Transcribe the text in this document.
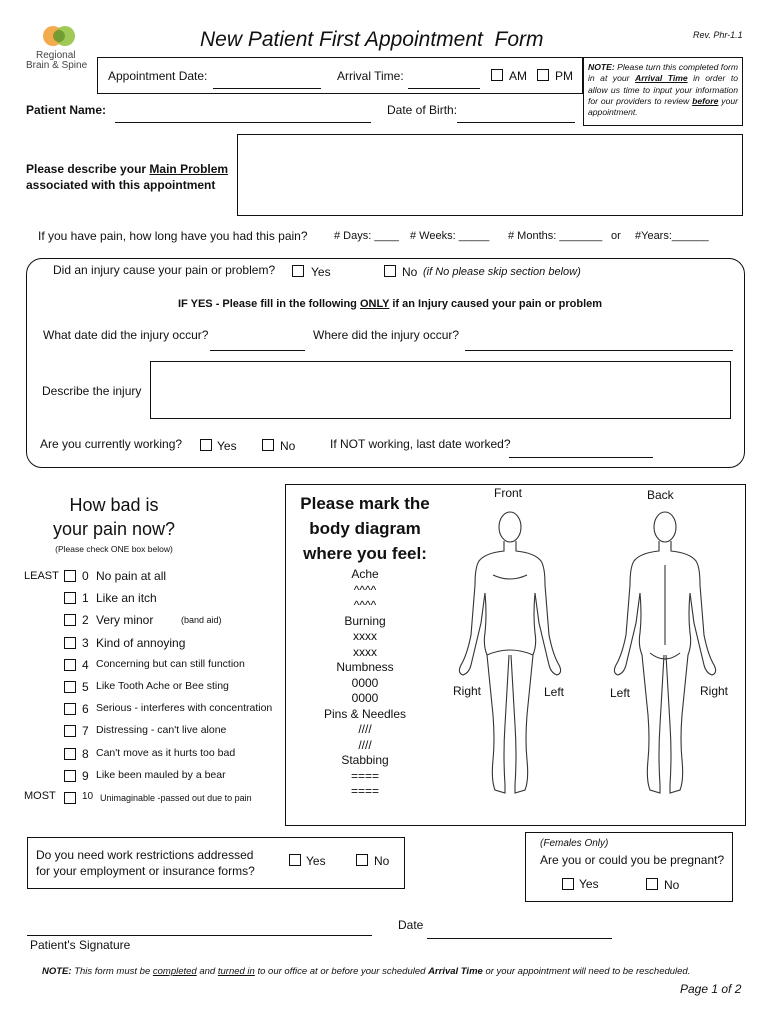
Regional
Brain & Spine
New Patient First Appointment  Form	Rev. Phr-1.1
Appointment Date:	Arrival Time:	AM PM
NOTE: Please turn this completed form in at your Arrival Time in order to allow us time to input your information for our providers to review before your appointment.
Patient Name:	Date of Birth:
Please describe your Main Problem
associated with this appointment
If you have pain, how long have you had this pain? # Days: ____ # Weeks: _____ # Months: _______ or #Years:______
Did an injury cause your pain or problem?	Yes	No (if No please skip section below)
IF YES - Please fill in the following ONLY if an Injury caused your pain or problem
What date did the injury occur?	Where did the injury occur?
Describe the injury
Are you currently working?	Yes	No	If NOT working, last date worked?
How bad is
your pain now?
(Please check ONE box below)
0 No pain at all
1 Like an itch
2 Very minor	(band aid)
3 Kind of annoying
4 Concerning but can still function
5 Like Tooth Ache or Bee sting
6 Serious - interferes with concentration
7 Distressing - can't live alone
8 Can't move as it hurts too bad
9 Like been mauled by a bear
10 Unimaginable -passed out due to pain
LEAST
MOST
Please mark the
body diagram
where you feel:
Ache
^^^^
^^^^
Burning
xxxx
xxxx
Numbness
0000
0000
Pins & Needles
////
////
Stabbing
====
====
Front	Back
Right	Left	Left	Right
Do you need work restrictions addressed
for your employment or insurance forms?
Yes	No
(Females Only)
Are you or could you be pregnant?
Yes	No
Patient's Signature
Date
NOTE: This form must be completed and turned in to our office at or before your scheduled Arrival Time or your appointment will need to be rescheduled.
Page 1 of 2
